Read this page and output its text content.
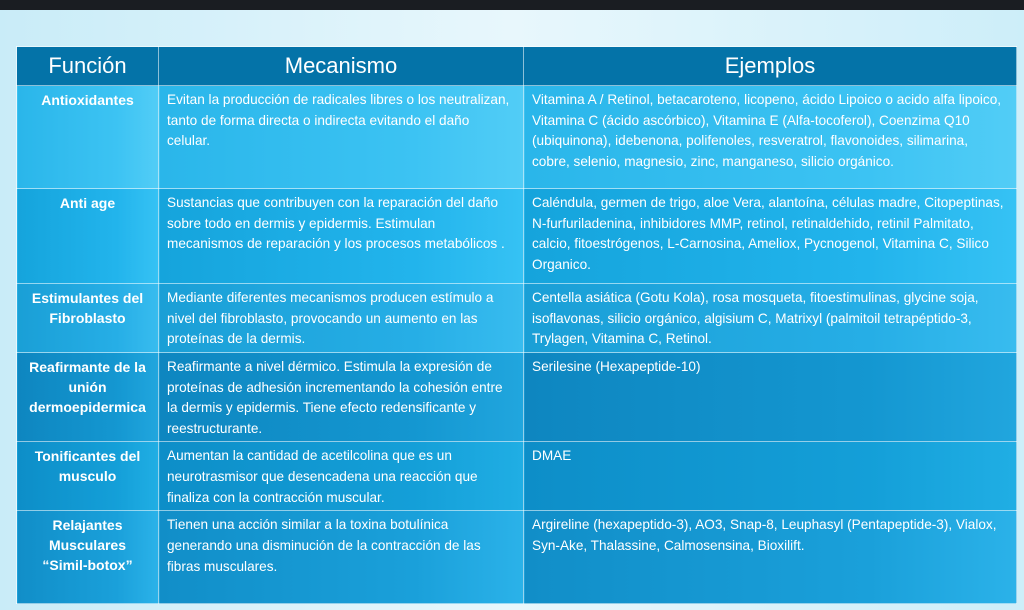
Función	Mecanismo	Ejemplos
Antioxidantes	Evitan la producción de radicales libres o los neutralizan, tanto de forma directa o indirecta evitando el daño celular.	Vitamina A / Retinol, betacaroteno, licopeno, ácido Lipoico o acido alfa lipoico, Vitamina C (ácido ascórbico), Vitamina E (Alfa-tocoferol), Coenzima Q10 (ubiquinona), idebenona, polifenoles, resveratrol, flavonoides, silimarina, cobre, selenio, magnesio, zinc, manganeso, silicio orgánico.
Anti age	Sustancias que contribuyen con la reparación del daño sobre todo en dermis y epidermis. Estimulan mecanismos de reparación y los procesos metabólicos .	Caléndula, germen de trigo, aloe Vera, alantoína, células madre, Citopeptinas, N-furfuriladenina, inhibidores MMP, retinol, retinaldehido, retinil Palmitato, calcio, fitoestrógenos, L-Carnosina, Ameliox, Pycnogenol, Vitamina C, Silico Organico.
Estimulantes del Fibroblasto	Mediante diferentes mecanismos producen estímulo a nivel del fibroblasto, provocando un aumento en las proteínas de la dermis.	Centella asiática (Gotu Kola), rosa mosqueta, fitoestimulinas, glycine soja, isoflavonas, silicio orgánico, algisium C, Matrixyl (palmitoil tetrapéptido-3, Trylagen, Vitamina C, Retinol.
Reafirmante de la unión dermoepidermica	Reafirmante a nivel dérmico. Estimula la expresión de proteínas de adhesión incrementando la cohesión entre la dermis y epidermis. Tiene efecto redensificante y reestructurante.	Serilesine (Hexapeptide-10)
Tonificantes del musculo	Aumentan la cantidad de acetilcolina que es un neurotrasmisor que desencadena una reacción que finaliza con la contracción muscular.	DMAE
Relajantes Musculares “Simil-botox”	Tienen una acción similar a la toxina botulínica generando una disminución de la contracción de las fibras musculares.	Argireline (hexapeptido-3), AO3, Snap-8, Leuphasyl (Pentapeptide-3), Vialox, Syn-Ake, Thalassine, Calmosensina, Bioxilift.
